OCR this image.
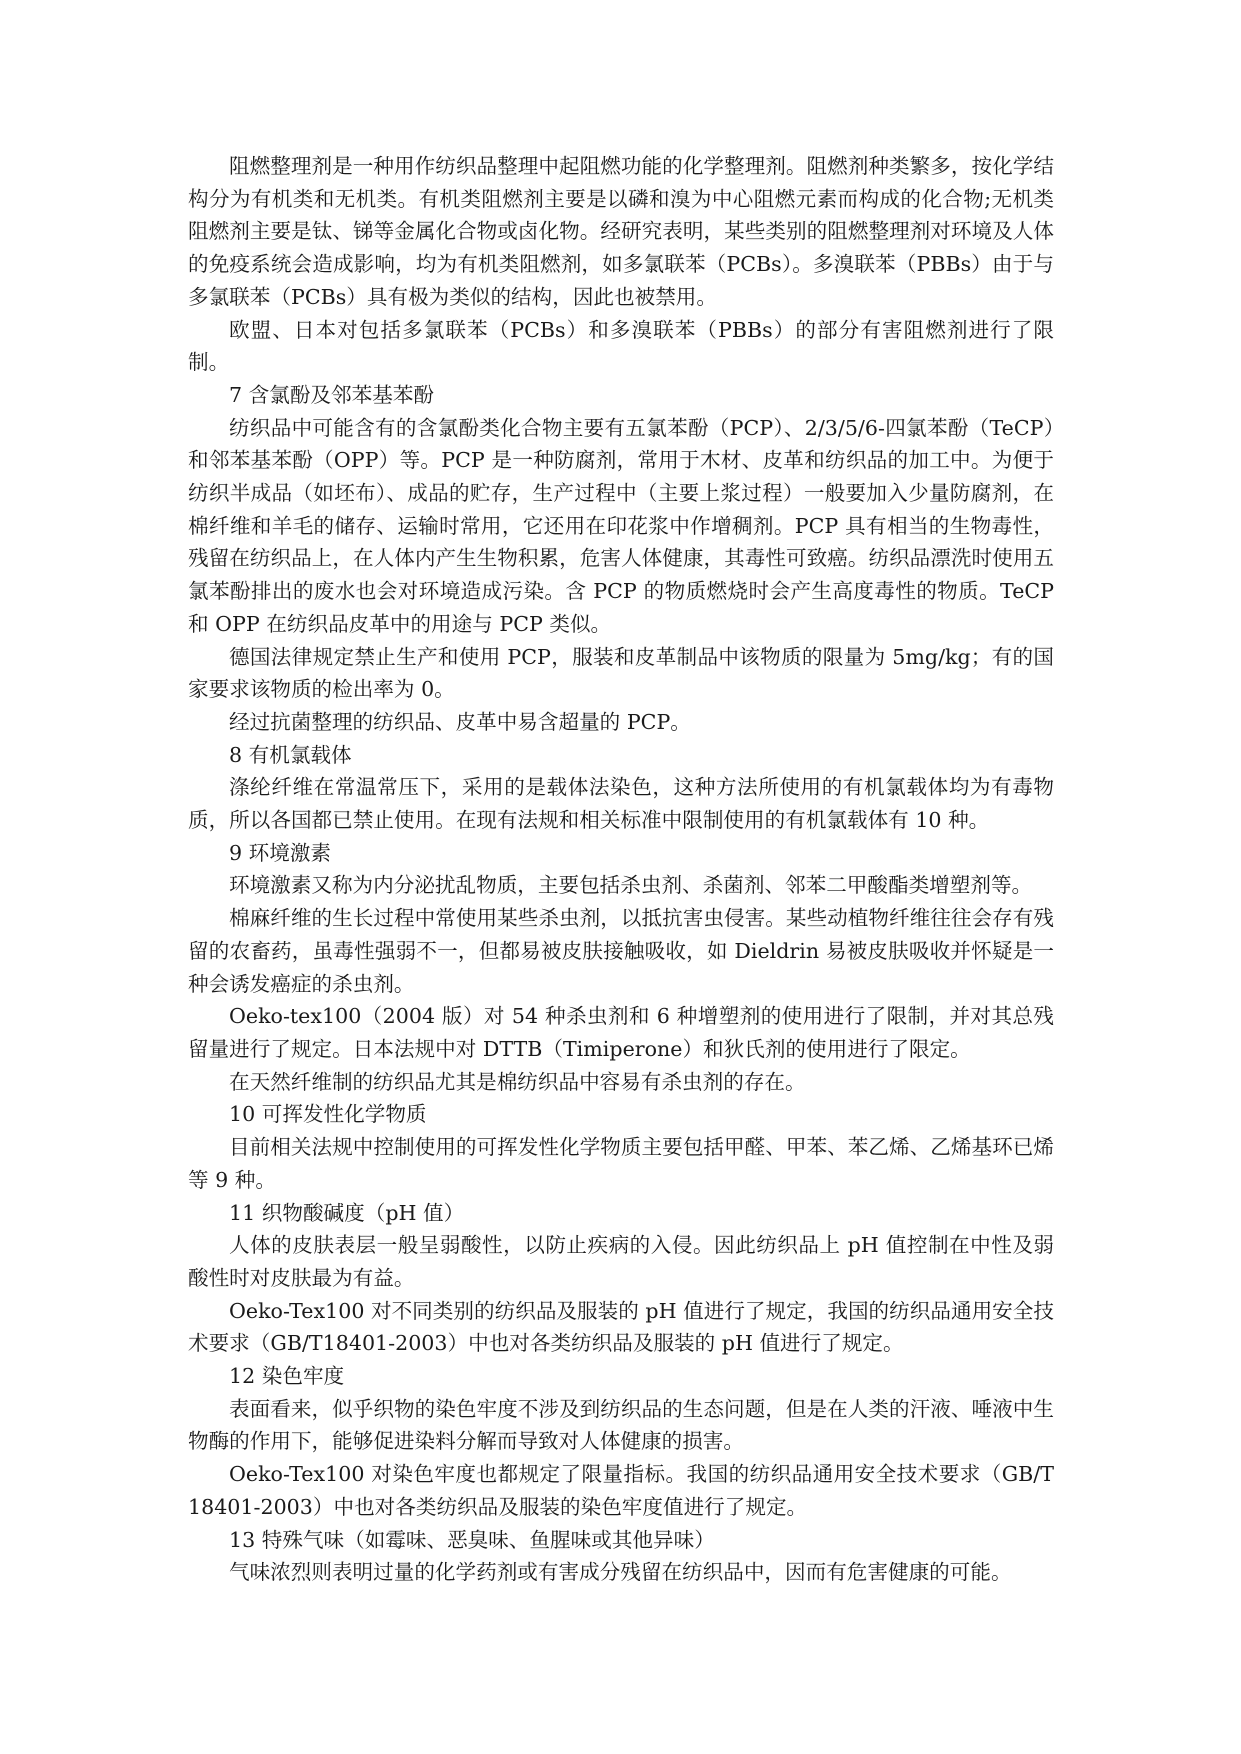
阻燃整理剂是一种用作纺织品整理中起阻燃功能的化学整理剂。阻燃剂种类繁多，按化学结构分为有机类和无机类。有机类阻燃剂主要是以磷和溴为中心阻燃元素而构成的化合物;无机类阻燃剂主要是钛、锑等金属化合物或卤化物。经研究表明，某些类别的阻燃整理剂对环境及人体的免疫系统会造成影响，均为有机类阻燃剂，如多氯联苯（PCBs）。多溴联苯（PBBs）由于与多氯联苯（PCBs）具有极为类似的结构，因此也被禁用。

欧盟、日本对包括多氯联苯（PCBs）和多溴联苯（PBBs）的部分有害阻燃剂进行了限制。

7 含氯酚及邻苯基苯酚

纺织品中可能含有的含氯酚类化合物主要有五氯苯酚（PCP）、2/3/5/6-四氯苯酚（TeCP）和邻苯基苯酚（OPP）等。PCP 是一种防腐剂，常用于木材、皮革和纺织品的加工中。为便于纺织半成品（如坯布）、成品的贮存，生产过程中（主要上浆过程）一般要加入少量防腐剂，在棉纤维和羊毛的储存、运输时常用，它还用在印花浆中作增稠剂。PCP 具有相当的生物毒性，残留在纺织品上，在人体内产生生物积累，危害人体健康，其毒性可致癌。纺织品漂洗时使用五氯苯酚排出的废水也会对环境造成污染。含 PCP 的物质燃烧时会产生高度毒性的物质。TeCP 和 OPP 在纺织品皮革中的用途与 PCP 类似。

德国法律规定禁止生产和使用 PCP，服装和皮革制品中该物质的限量为 5mg/kg；有的国家要求该物质的检出率为 0。

经过抗菌整理的纺织品、皮革中易含超量的 PCP。

8 有机氯载体

涤纶纤维在常温常压下，采用的是载体法染色，这种方法所使用的有机氯载体均为有毒物质，所以各国都已禁止使用。在现有法规和相关标准中限制使用的有机氯载体有 10 种。

9 环境激素

环境激素又称为内分泌扰乱物质，主要包括杀虫剂、杀菌剂、邻苯二甲酸酯类增塑剂等。

棉麻纤维的生长过程中常使用某些杀虫剂，以抵抗害虫侵害。某些动植物纤维往往会存有残留的农畜药，虽毒性强弱不一，但都易被皮肤接触吸收，如 Dieldrin 易被皮肤吸收并怀疑是一种会诱发癌症的杀虫剂。

Oeko-tex100（2004 版）对 54 种杀虫剂和 6 种增塑剂的使用进行了限制，并对其总残留量进行了规定。日本法规中对 DTTB（Timiperone）和狄氏剂的使用进行了限定。

在天然纤维制的纺织品尤其是棉纺织品中容易有杀虫剂的存在。

10 可挥发性化学物质

目前相关法规中控制使用的可挥发性化学物质主要包括甲醛、甲苯、苯乙烯、乙烯基环已烯等 9 种。

11 织物酸碱度（pH 值）

人体的皮肤表层一般呈弱酸性，以防止疾病的入侵。因此纺织品上 pH 值控制在中性及弱酸性时对皮肤最为有益。

Oeko-Tex100 对不同类别的纺织品及服装的 pH 值进行了规定，我国的纺织品通用安全技术要求（GB/T18401-2003）中也对各类纺织品及服装的 pH 值进行了规定。

12 染色牢度

表面看来，似乎织物的染色牢度不涉及到纺织品的生态问题，但是在人类的汗液、唾液中生物酶的作用下，能够促进染料分解而导致对人体健康的损害。

Oeko-Tex100 对染色牢度也都规定了限量指标。我国的纺织品通用安全技术要求（GB/T18401-2003）中也对各类纺织品及服装的染色牢度值进行了规定。

13 特殊气味（如霉味、恶臭味、鱼腥味或其他异味）

气味浓烈则表明过量的化学药剂或有害成分残留在纺织品中，因而有危害健康的可能。
